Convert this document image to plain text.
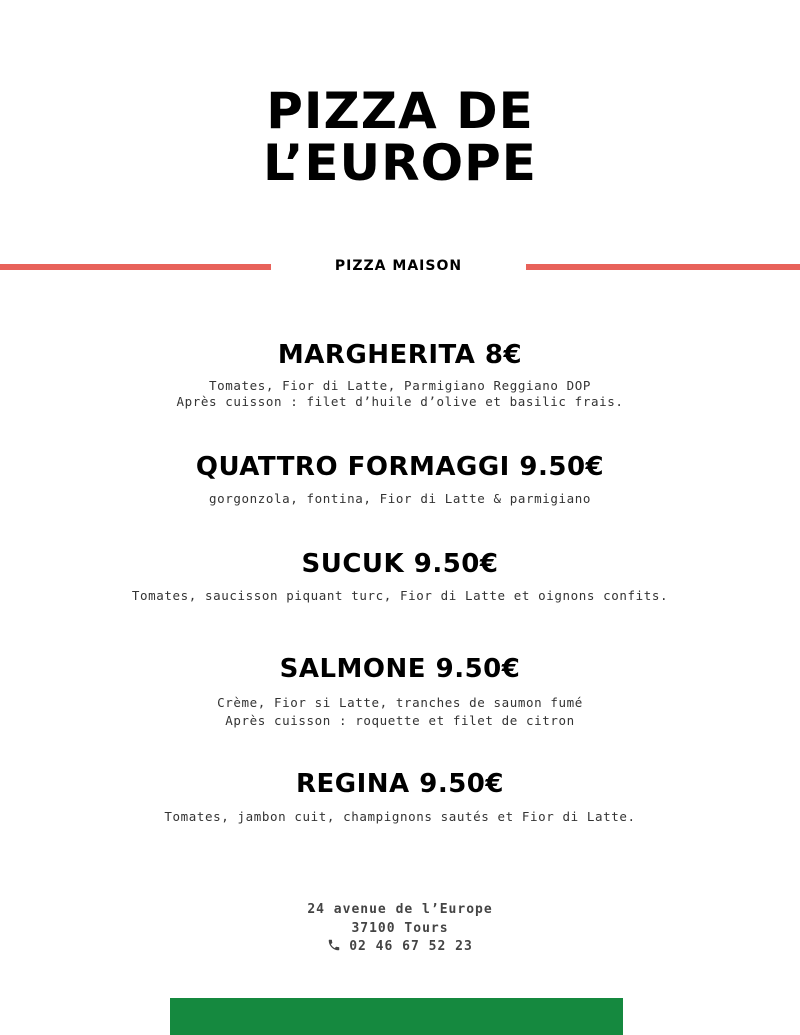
PIZZA DE
L’EUROPE
PIZZA MAISON
MARGHERITA 8€
Tomates, Fior di Latte, Parmigiano Reggiano DOP
Après cuisson : filet d’huile d’olive et basilic frais.
QUATTRO FORMAGGI 9.50€
gorgonzola, fontina, Fior di Latte & parmigiano
SUCUK 9.50€
Tomates, saucisson piquant turc, Fior di Latte et oignons confits.
SALMONE 9.50€
Crème, Fior si Latte, tranches de saumon fumé
Après cuisson : roquette et filet de citron
REGINA 9.50€
Tomates, jambon cuit, champignons sautés et Fior di Latte.
24 avenue de l’Europe
37100 Tours
02 46 67 52 23
